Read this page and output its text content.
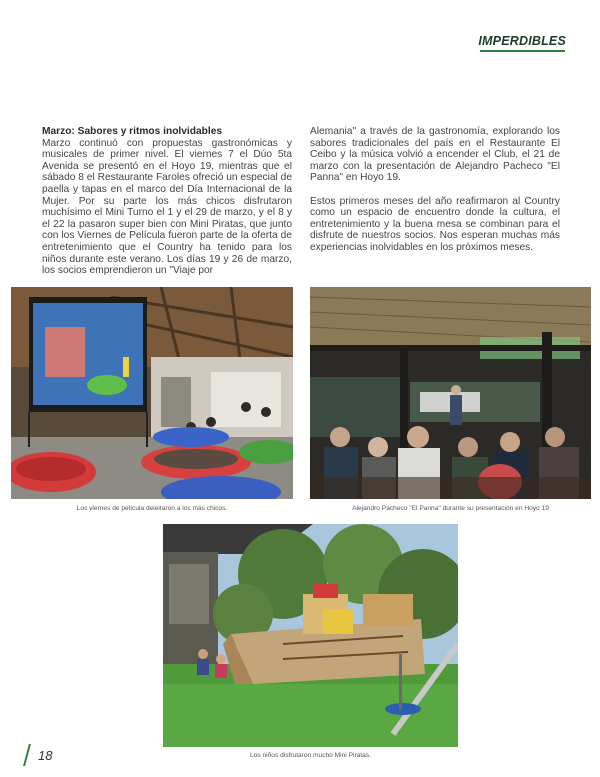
IMPERDIBLES
Marzo: Sabores y ritmos inolvidables

Marzo continuó con propuestas gastronómicas y musicales de primer nivel. El viernes 7 el Dúo 5ta Avenida se presentó en el Hoyo 19, mientras que el sábado 8 el Restaurante Faroles ofreció un especial de paella y tapas en el marco del Día Internacional de la Mujer. Por su parte los más chicos disfrutaron muchísimo el Mini Turno el 1 y el 29 de marzo, y el 8 y el 22 la pasaron super bien con Mini Piratas, que junto con los Viernes de Película fueron parte de la oferta de entretenimiento que el Country ha tenido para los niños durante este verano. Los días 19 y 26 de marzo, los socios emprendieron un "Viaje por

Alemania" a través de la gastronomía, explorando los sabores tradicionales del país en el Restaurante El Ceibo y la música volvió a encender el Club, el 21 de marzo con la presentación de Alejandro Pacheco "El Panna" en Hoyo 19.

Estos primeros meses del año reafirmaron al Country como un espacio de encuentro donde la cultura, el entretenimiento y la buena mesa se combinan para el disfrute de nuestros socios. Nos esperan muchas más experiencias inolvidables en los próximos meses.

Los viernes de película deleitaron a los más chicos.	Alejandro Pacheco "El Panna" durante su presentación en Hoyo 19
Los niños disfrutaron mucho Mini Piratas.
18
